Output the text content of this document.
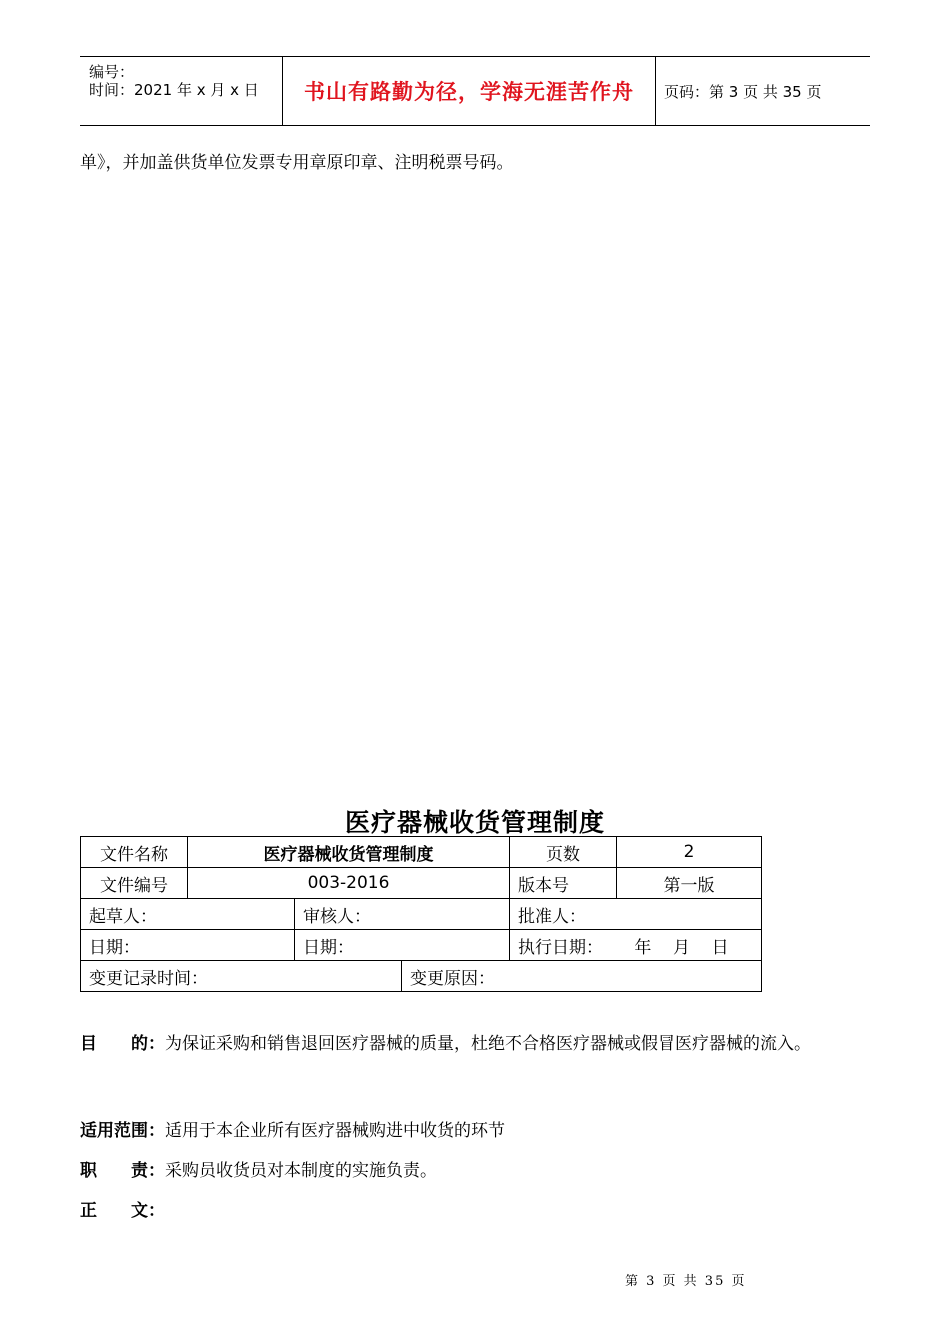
编号：
时间：2021 年 x 月 x 日 书山有路勤为径，学海无涯苦作舟	页码：第 3 页 共 35 页
单》，并加盖供货单位发票专用章原印章、注明税票号码。
医疗器械收货管理制度
文件名称	医疗器械收货管理制度			页数	2
文件编号	003-2016			版本号	第一版
起草人：		审核人：		批准人：	
日期：		日期：		执行日期： 年    月    日	
变更记录时间：			变更原因：		
目　　的：为保证采购和销售退回医疗器械的质量，杜绝不合格医疗器械或假冒医疗器械的流入。
适用范围：适用于本企业所有医疗器械购进中收货的环节
职　　责：采购员收货员对本制度的实施负责。
正　　文：
第 3 页 共 35 页
